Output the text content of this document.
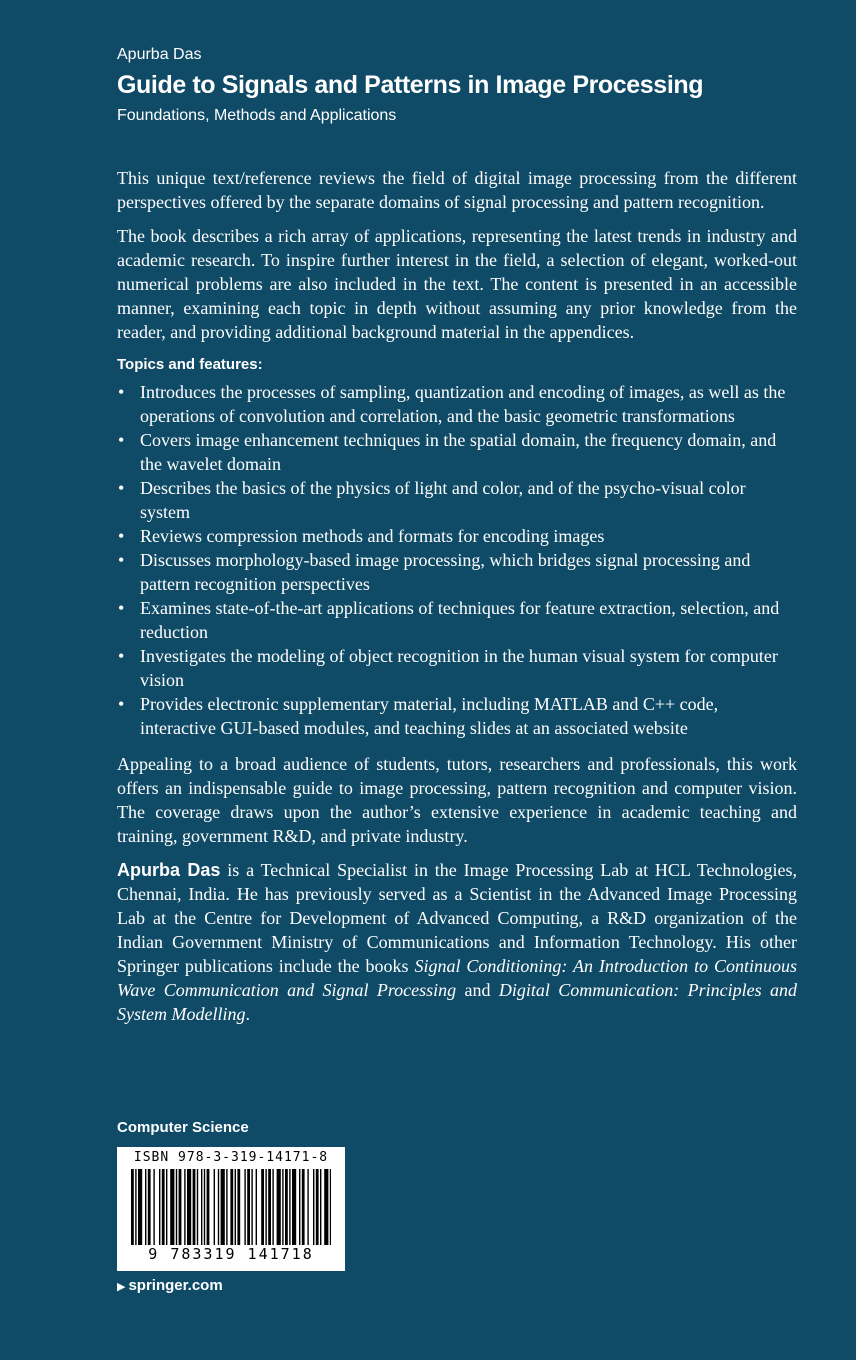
Apurba Das
Guide to Signals and Patterns in Image Processing
Foundations, Methods and Applications

This unique text/reference reviews the field of digital image processing from the different perspectives offered by the separate domains of signal processing and pattern recognition.

The book describes a rich array of applications, representing the latest trends in industry and academic research. To inspire further interest in the field, a selection of elegant, worked-out numerical problems are also included in the text. The content is presented in an accessible manner, examining each topic in depth without assuming any prior knowledge from the reader, and providing additional background material in the appendices.

Topics and features:
• Introduces the processes of sampling, quantization and encoding of images, as well as the operations of convolution and correlation, and the basic geometric transformations
• Covers image enhancement techniques in the spatial domain, the frequency domain, and the wavelet domain
• Describes the basics of the physics of light and color, and of the psycho-visual color system
• Reviews compression methods and formats for encoding images
• Discusses morphology-based image processing, which bridges signal processing and pattern recognition perspectives
• Examines state-of-the-art applications of techniques for feature extraction, selection, and reduction
• Investigates the modeling of object recognition in the human visual system for computer vision
• Provides electronic supplementary material, including MATLAB and C++ code, interactive GUI-based modules, and teaching slides at an associated website

Appealing to a broad audience of students, tutors, researchers and professionals, this work offers an indispensable guide to image processing, pattern recognition and computer vision. The coverage draws upon the author’s extensive experience in academic teaching and training, government R&D, and private industry.

Apurba Das is a Technical Specialist in the Image Processing Lab at HCL Technologies, Chennai, India. He has previously served as a Scientist in the Advanced Image Processing Lab at the Centre for Development of Advanced Computing, a R&D organization of the Indian Government Ministry of Communications and Information Technology. His other Springer publications include the books Signal Conditioning: An Introduction to Continuous Wave Communication and Signal Processing and Digital Communication: Principles and System Modelling.

Computer Science
ISBN 978-3-319-14171-8
9 783319 141718
▶ springer.com
